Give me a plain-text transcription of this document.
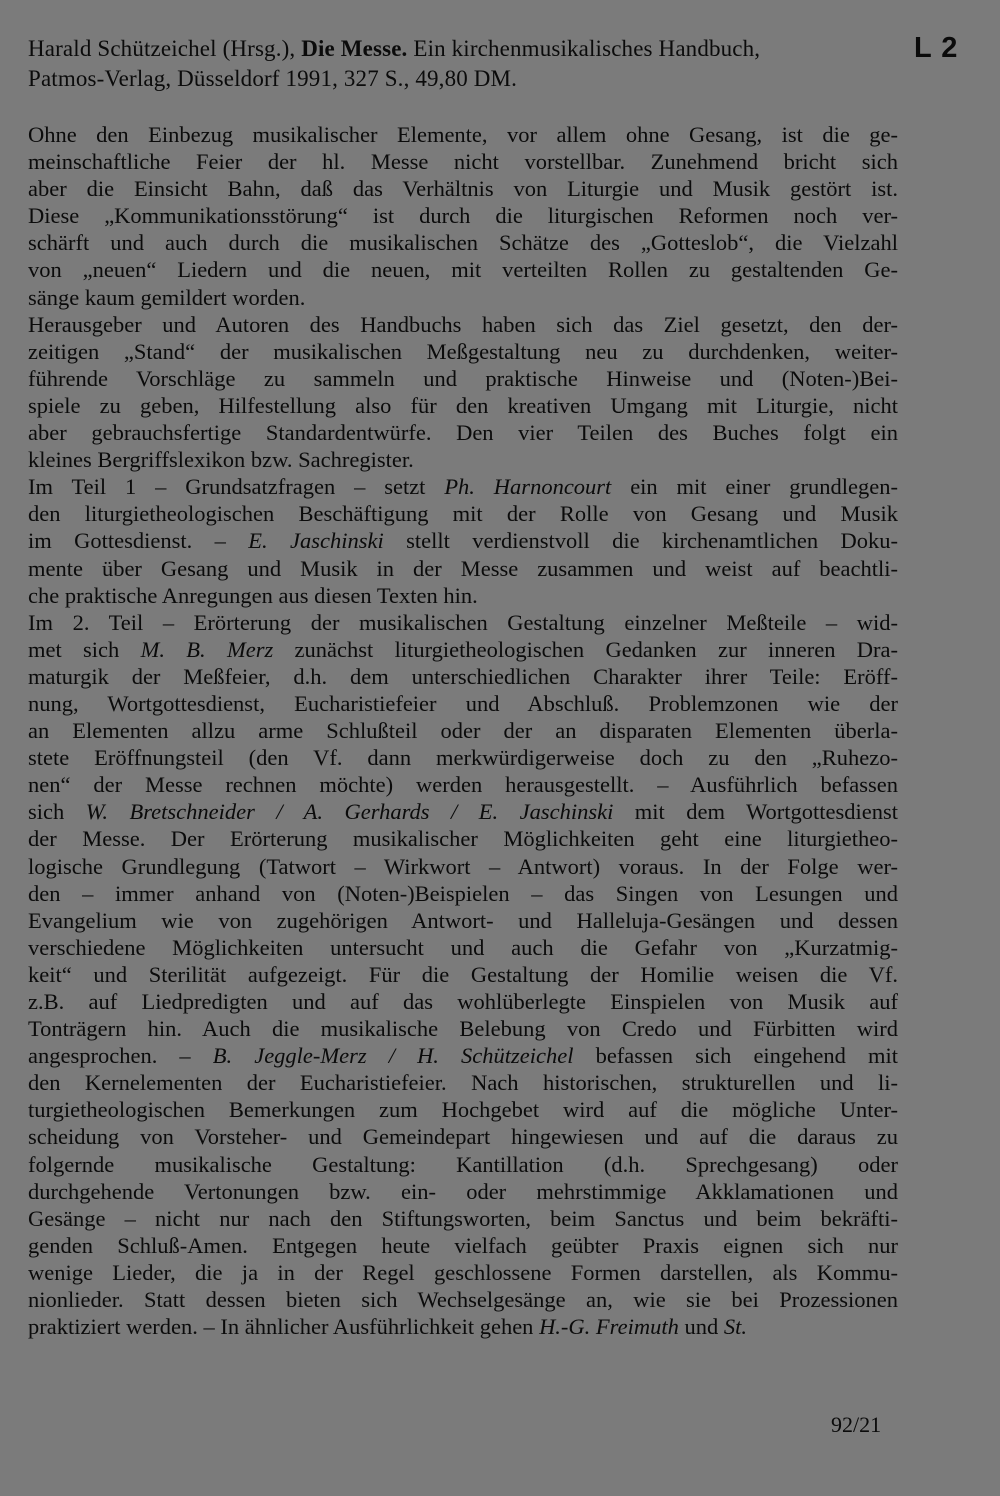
Harald Schützeichel (Hrsg.), Die Messe. Ein kirchenmusikalisches Handbuch,
Patmos-Verlag, Düsseldorf 1991, 327 S., 49,80 DM.
L 2
Ohne den Einbezug musikalischer Elemente, vor allem ohne Gesang, ist die ge-
meinschaftliche Feier der hl. Messe nicht vorstellbar. Zunehmend bricht sich
aber die Einsicht Bahn, daß das Verhältnis von Liturgie und Musik gestört ist.
Diese „Kommunikationsstörung“ ist durch die liturgischen Reformen noch ver-
schärft und auch durch die musikalischen Schätze des „Gotteslob“, die Vielzahl
von „neuen“ Liedern und die neuen, mit verteilten Rollen zu gestaltenden Ge-
sänge kaum gemildert worden.
Herausgeber und Autoren des Handbuchs haben sich das Ziel gesetzt, den der-
zeitigen „Stand“ der musikalischen Meßgestaltung neu zu durchdenken, weiter-
führende Vorschläge zu sammeln und praktische Hinweise und (Noten-)Bei-
spiele zu geben, Hilfestellung also für den kreativen Umgang mit Liturgie, nicht
aber gebrauchsfertige Standardentwürfe. Den vier Teilen des Buches folgt ein
kleines Bergriffslexikon bzw. Sachregister.
Im Teil 1 – Grundsatzfragen – setzt Ph. Harnoncourt ein mit einer grundlegen-
den liturgietheologischen Beschäftigung mit der Rolle von Gesang und Musik
im Gottesdienst. – E. Jaschinski stellt verdienstvoll die kirchenamtlichen Doku-
mente über Gesang und Musik in der Messe zusammen und weist auf beachtli-
che praktische Anregungen aus diesen Texten hin.
Im 2. Teil – Erörterung der musikalischen Gestaltung einzelner Meßteile – wid-
met sich M. B. Merz zunächst liturgietheologischen Gedanken zur inneren Dra-
maturgik der Meßfeier, d.h. dem unterschiedlichen Charakter ihrer Teile: Eröff-
nung, Wortgottesdienst, Eucharistiefeier und Abschluß. Problemzonen wie der
an Elementen allzu arme Schlußteil oder der an disparaten Elementen überla-
stete Eröffnungsteil (den Vf. dann merkwürdigerweise doch zu den „Ruhezo-
nen“ der Messe rechnen möchte) werden herausgestellt. – Ausführlich befassen
sich W. Bretschneider / A. Gerhards / E. Jaschinski mit dem Wortgottesdienst
der Messe. Der Erörterung musikalischer Möglichkeiten geht eine liturgietheo-
logische Grundlegung (Tatwort – Wirkwort – Antwort) voraus. In der Folge wer-
den – immer anhand von (Noten-)Beispielen – das Singen von Lesungen und
Evangelium wie von zugehörigen Antwort- und Halleluja-Gesängen und dessen
verschiedene Möglichkeiten untersucht und auch die Gefahr von „Kurzatmig-
keit“ und Sterilität aufgezeigt. Für die Gestaltung der Homilie weisen die Vf.
z.B. auf Liedpredigten und auf das wohlüberlegte Einspielen von Musik auf
Tonträgern hin. Auch die musikalische Belebung von Credo und Fürbitten wird
angesprochen. – B. Jeggle-Merz / H. Schützeichel befassen sich eingehend mit
den Kernelementen der Eucharistiefeier. Nach historischen, strukturellen und li-
turgietheologischen Bemerkungen zum Hochgebet wird auf die mögliche Unter-
scheidung von Vorsteher- und Gemeindepart hingewiesen und auf die daraus zu
folgernde musikalische Gestaltung: Kantillation (d.h. Sprechgesang) oder
durchgehende Vertonungen bzw. ein- oder mehrstimmige Akklamationen und
Gesänge – nicht nur nach den Stiftungsworten, beim Sanctus und beim bekräfti-
genden Schluß-Amen. Entgegen heute vielfach geübter Praxis eignen sich nur
wenige Lieder, die ja in der Regel geschlossene Formen darstellen, als Kommu-
nionlieder. Statt dessen bieten sich Wechselgesänge an, wie sie bei Prozessionen
praktiziert werden. – In ähnlicher Ausführlichkeit gehen H.-G. Freimuth und St.
92/21
